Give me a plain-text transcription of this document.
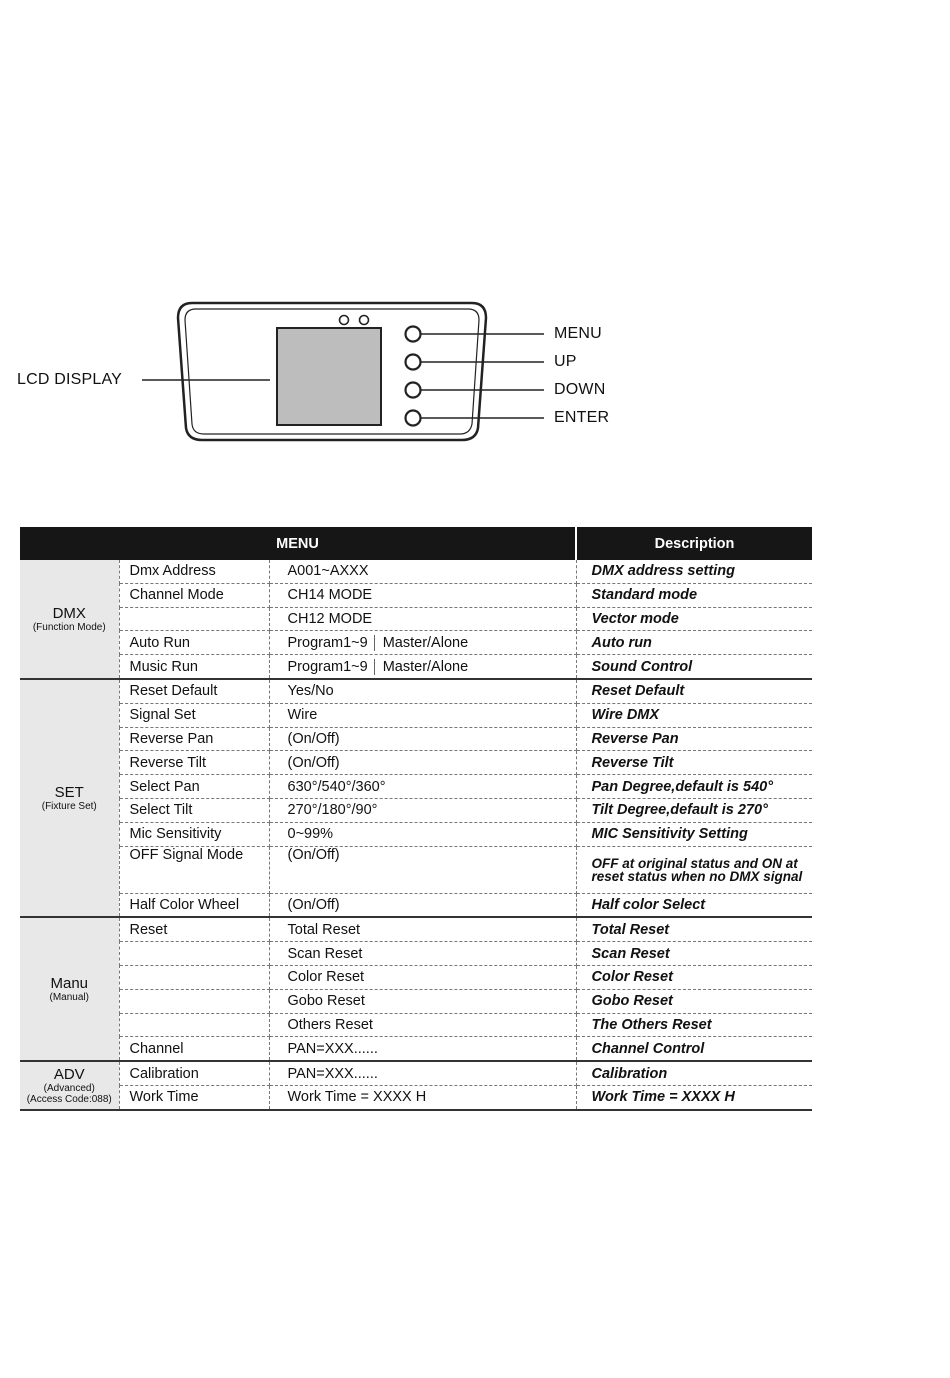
LCD DISPLAY
MENU
UP
DOWN
ENTER
MENU			Description

DMX
(Function Mode)	Dmx Address	A001~AXXX	DMX address setting
	Channel Mode	CH14 MODE	Standard mode
		CH12 MODE	Vector mode
	Auto Run	Program1~9 Master/Alone	Auto run
	Music Run	Program1~9 Master/Alone	Sound Control

SET
(Fixture Set)	Reset Default	Yes/No	Reset Default
	Signal Set	Wire	Wire DMX
	Reverse Pan	(On/Off)	Reverse Pan
	Reverse Tilt	(On/Off)	Reverse Tilt
	Select Pan	630°/540°/360°	Pan Degree,default is 540°
	Select Tilt	270°/180°/90°	Tilt Degree,default is 270°
	Mic Sensitivity	0~99%	MIC Sensitivity Setting
	OFF Signal Mode	(On/Off)	OFF at original status and ON at reset status when no DMX signal
	Half Color Wheel	(On/Off)	Half color Select

Manu
(Manual)	Reset	Total Reset	Total Reset
		Scan Reset	Scan Reset
		Color Reset	Color Reset
		Gobo Reset	Gobo Reset
		Others Reset	The Others Reset
	Channel	PAN=XXX......	Channel Control

ADV
(Advanced)
(Access Code:088)	Calibration	PAN=XXX......	Calibration
	Work Time	Work Time = XXXX H	Work Time = XXXX H
